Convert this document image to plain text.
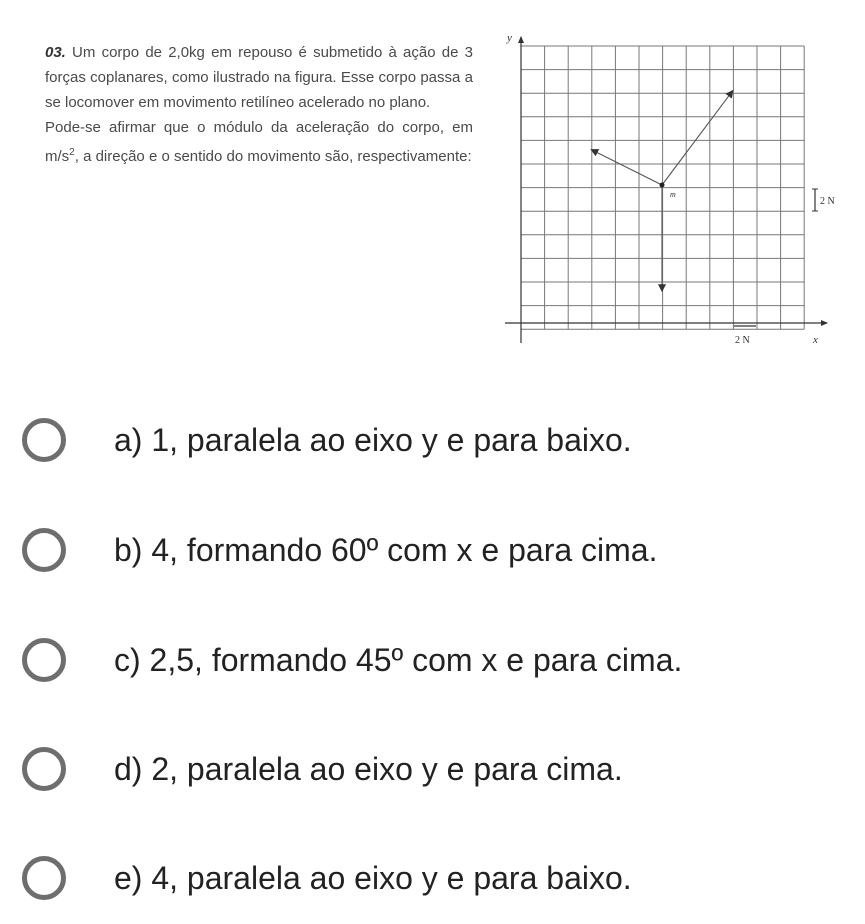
03. Um corpo de 2,0kg em repouso é submetido à ação de 3 forças coplanares, como ilustrado na figura. Esse corpo passa a se locomover em movimento retilíneo acelerado no plano.

Pode-se afirmar que o módulo da aceleração do corpo, em $m/s^2$, a direção e o sentido do movimento são, respectivamente:

y
x
m
2 N
2 N
a) 1, paralela ao eixo y e para baixo.
b) 4, formando 60º com x e para cima.
c) 2,5, formando 45º com x e para cima.
d) 2, paralela ao eixo y e para cima.
e) 4, paralela ao eixo y e para baixo.
